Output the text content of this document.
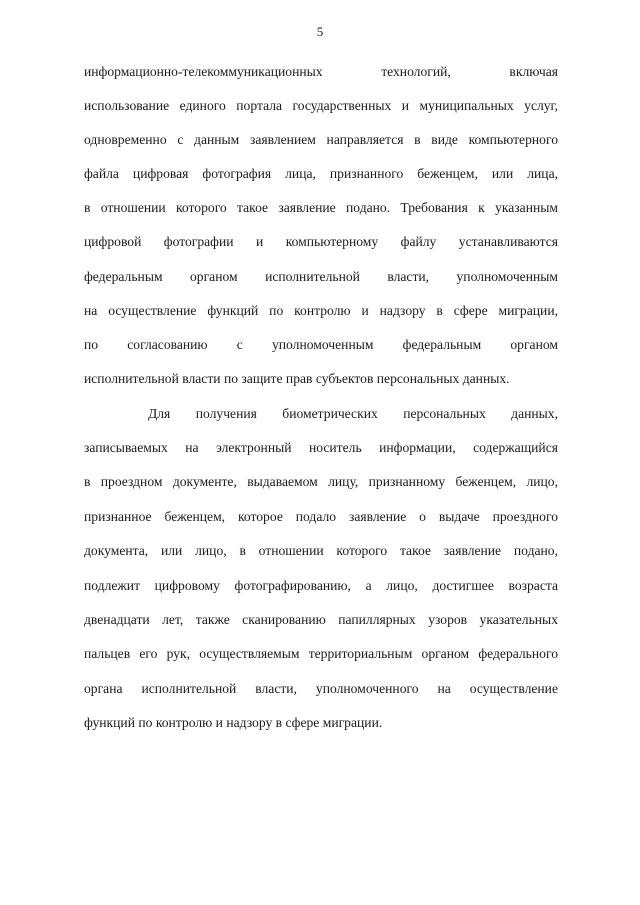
5
информационно-телекоммуникационных технологий, включая
использование единого портала государственных и муниципальных услуг,
одновременно с данным заявлением направляется в виде компьютерного
файла цифровая фотография лица, признанного беженцем, или лица,
в отношении которого такое заявление подано. Требования к указанным
цифровой фотографии и компьютерному файлу устанавливаются
федеральным органом исполнительной власти, уполномоченным
на осуществление функций по контролю и надзору в сфере миграции,
по согласованию с уполномоченным федеральным органом
исполнительной власти по защите прав субъектов персональных данных.
Для получения биометрических персональных данных,
записываемых на электронный носитель информации, содержащийся
в проездном документе, выдаваемом лицу, признанному беженцем, лицо,
признанное беженцем, которое подало заявление о выдаче проездного
документа, или лицо, в отношении которого такое заявление подано,
подлежит цифровому фотографированию, а лицо, достигшее возраста
двенадцати лет, также сканированию папиллярных узоров указательных
пальцев его рук, осуществляемым территориальным органом федерального
органа исполнительной власти, уполномоченного на осуществление
функций по контролю и надзору в сфере миграции.
